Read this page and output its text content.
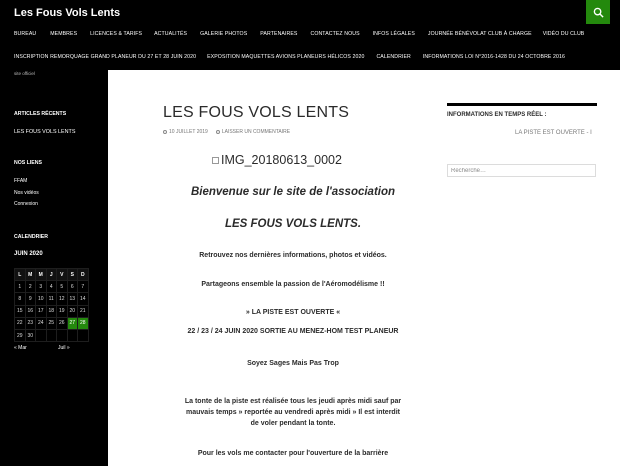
Les Fous Vols Lents
BUREAU	MEMBRES	LICENCES & TARIFS ACTUALITÉS	GALERIE PHOTOS	PARTENAIRES	CONTACTEZ NOUS	INFOS LÉGALES	JOURNÉE BÉNÉVOLAT CLUB À CHARGE VIDÉO DU CLUB
INSCRIPTION REMORQUAGE GRAND PLANEUR DU 27 ET 28 JUIN 2020 EXPOSITION MAQUETTES AVIONS PLANEURS HÉLICOS 2020 CALENDRIER INFORMATIONS LOI N°2016-1428 DU 24 OCTOBRE 2016
site officiel
ARTICLES RÉCENTS
LES FOUS VOLS LENTS
NOS LIENS
FFAM
Nos vidéos
Connexion
CALENDRIER
JUIN 2020
L	M	M	J	V	S	D
1	2	3	4	5	6	7
8	9	10	11	12	13	14
15	16	17	18	19	20	21
22	23	24	25	26	27	28
29	30					
« Mar	Juil »
LES FOUS VOLS LENTS
10 JUILLET 2019	LAISSER UN COMMENTAIRE
IMG_20180613_0002

Bienvenue sur le site de l'association

LES FOUS VOLS LENTS.

Retrouvez nos dernières informations, photos et vidéos.

Partageons ensemble la passion de l'Aéromodélisme !!

» LA PISTE EST OUVERTE «

22 / 23 / 24 JUIN 2020 SORTIE AU MENEZ-HOM TEST PLANEUR

Soyez Sages Mais Pas Trop

La tonte de la piste est réalisée tous les jeudi après midi sauf par

mauvais temps » reportée au vendredi après midi » Il est interdit

de voler pendant la tonte.

Pour les vols me contacter pour l'ouverture de la barrière

INFORMATIONS EN TEMPS RÉEL :
LA PISTE EST OUVERTE - I
Recherche…
